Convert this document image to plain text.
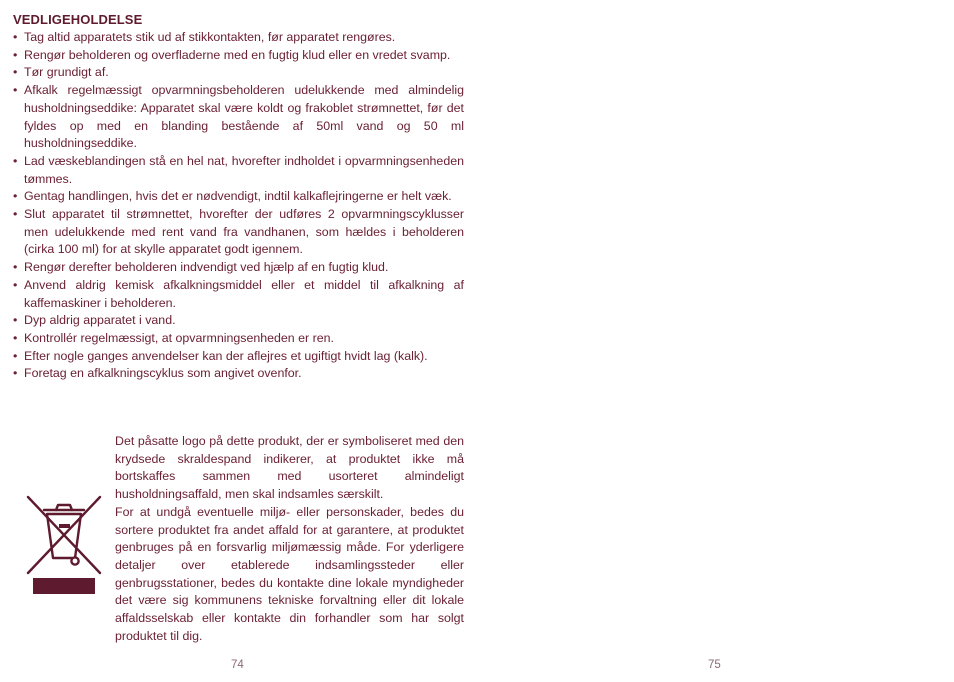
VEDLIGEHOLDELSE
• Tag altid apparatets stik ud af stikkontakten, før apparatet rengøres.
• Rengør beholderen og overfladerne med en fugtig klud eller en vredet svamp.
• Tør grundigt af.
• Afkalk regelmæssigt opvarmningsbeholderen udelukkende med almindelig husholdningseddike: Apparatet skal være koldt og frakoblet strømnettet, før det fyldes op med en blanding bestående af 50ml vand og 50 ml husholdningseddike.
• Lad væskeblandingen stå en hel nat, hvorefter indholdet i opvarmningsenheden tømmes.
• Gentag handlingen, hvis det er nødvendigt, indtil kalkaflejringerne er helt væk.
• Slut apparatet til strømnettet, hvorefter der udføres 2 opvarmningscyklusser men udelukkende med rent vand fra vandhanen, som hældes i beholderen (cirka 100 ml) for at skylle apparatet godt igennem.
• Rengør derefter beholderen indvendigt ved hjælp af en fugtig klud.
• Anvend aldrig kemisk afkalkningsmiddel eller et middel til afkalkning af kaffemaskiner i beholderen.
• Dyp aldrig apparatet i vand.
• Kontrollér regelmæssigt, at opvarmningsenheden er ren.
• Efter nogle ganges anvendelser kan der aflejres et ugiftigt hvidt lag (kalk).
• Foretag en afkalkningscyklus som angivet ovenfor.

Det påsatte logo på dette produkt, der er symboliseret med den krydsede skraldespand indikerer, at produktet ikke må bortskaffes sammen med usorteret almindeligt husholdningsaffald, men skal indsamles særskilt.

For at undgå eventuelle miljø- eller personskader, bedes du sortere produktet fra andet affald for at garantere, at produktet genbruges på en forsvarlig miljømæssig måde. For yderligere detaljer over etablerede indsamlingssteder eller genbrugsstationer, bedes du kontakte dine lokale myndigheder det være sig kommunens tekniske forvaltning eller dit lokale affaldsselskab eller kontakte din forhandler som har solgt produktet til dig.

74	75
